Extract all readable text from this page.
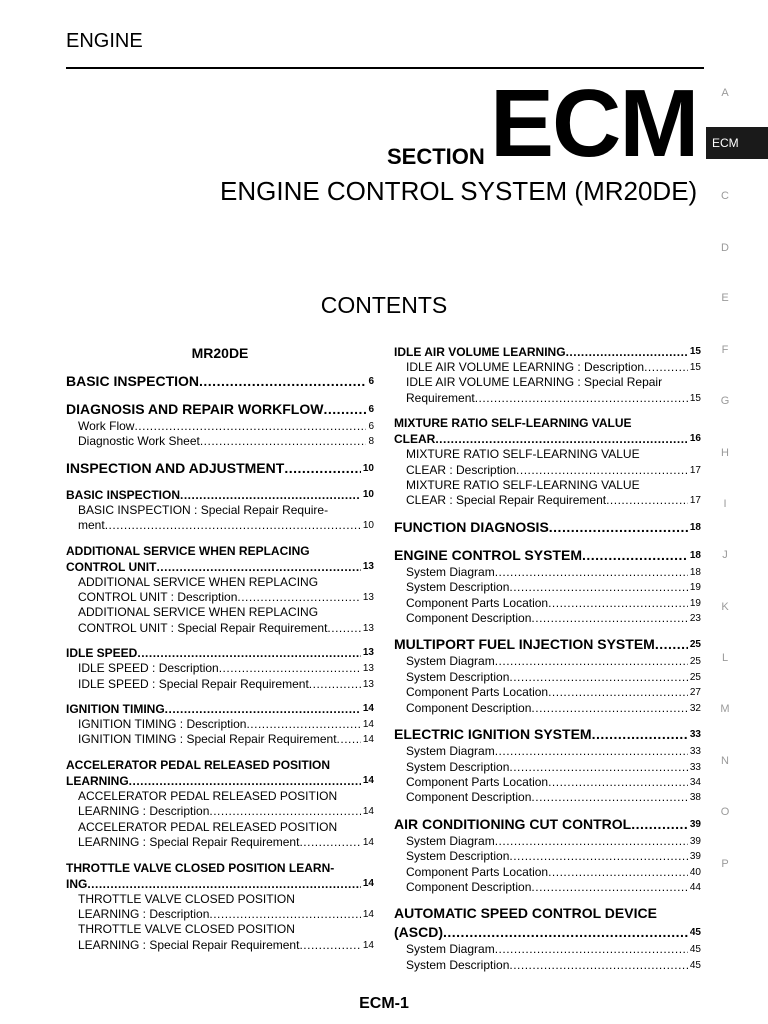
ENGINE
SECTION ECM
ENGINE CONTROL SYSTEM (MR20DE)
CONTENTS
A
C
D
E
F
G
H
I
J
K
L
M
N
O
P
ECM
MR20DE
BASIC INSPECTION .....	6
DIAGNOSIS AND REPAIR WORKFLOW .....	6
Work Flow .....	6
Diagnostic Work Sheet .....	8
INSPECTION AND ADJUSTMENT .....	10
BASIC INSPECTION .....	10
BASIC INSPECTION : Special Repair Require-
ment .....	10
ADDITIONAL SERVICE WHEN REPLACING
CONTROL UNIT .....	13
ADDITIONAL SERVICE WHEN REPLACING
CONTROL UNIT : Description .....	13
ADDITIONAL SERVICE WHEN REPLACING
CONTROL UNIT : Special Repair Requirement .....	13
IDLE SPEED .....	13
IDLE SPEED : Description .....	13
IDLE SPEED : Special Repair Requirement .....	13
IGNITION TIMING .....	14
IGNITION TIMING : Description .....	14
IGNITION TIMING : Special Repair Requirement .....	14
ACCELERATOR PEDAL RELEASED POSITION
LEARNING .....	14
ACCELERATOR PEDAL RELEASED POSITION
LEARNING : Description .....	14
ACCELERATOR PEDAL RELEASED POSITION
LEARNING : Special Repair Requirement .....	14
THROTTLE VALVE CLOSED POSITION LEARN-
ING .....	14
THROTTLE VALVE CLOSED POSITION
LEARNING : Description .....	14
THROTTLE VALVE CLOSED POSITION
LEARNING : Special Repair Requirement .....	14
IDLE AIR VOLUME LEARNING .....	15
IDLE AIR VOLUME LEARNING : Description .....	15
IDLE AIR VOLUME LEARNING : Special Repair
Requirement .....	15
MIXTURE RATIO SELF-LEARNING VALUE
CLEAR .....	16
MIXTURE RATIO SELF-LEARNING VALUE
CLEAR : Description .....	17
MIXTURE RATIO SELF-LEARNING VALUE
CLEAR : Special Repair Requirement .....	17
FUNCTION DIAGNOSIS .....	18
ENGINE CONTROL SYSTEM .....	18
System Diagram .....	18
System Description .....	19
Component Parts Location .....	19
Component Description .....	23
MULTIPORT FUEL INJECTION SYSTEM .....	25
System Diagram .....	25
System Description .....	25
Component Parts Location .....	27
Component Description .....	32
ELECTRIC IGNITION SYSTEM .....	33
System Diagram .....	33
System Description .....	33
Component Parts Location .....	34
Component Description .....	38
AIR CONDITIONING CUT CONTROL .....	39
System Diagram .....	39
System Description .....	39
Component Parts Location .....	40
Component Description .....	44
AUTOMATIC SPEED CONTROL DEVICE
(ASCD) .....	45
System Diagram .....	45
System Description .....	45
ECM-1
